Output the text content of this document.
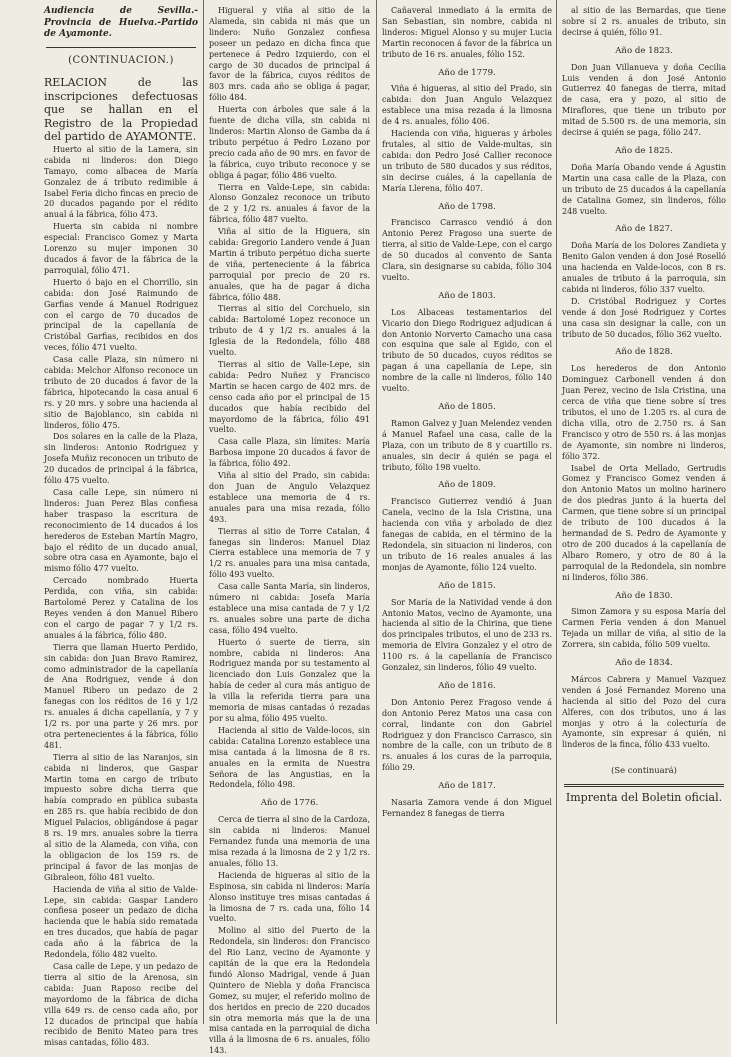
Audiencia de Sevilla.-Provincia de Huelva.-Partido de Ayamonte.

(CONTINUACION.)

RELACION de las inscripciones defectuosas que se hallan en el Registro de la Propiedad del partido de AYAMONTE.

Huerto al sitio de la Lamera, sin cabida ni linderos: don Diego Tamayo, como albacea de María Gonzalez de á tributo redimible á Isabel Feria dicho fincas en precio de 20 ducados pagando por el rédito anual á la fábrica, fólio 473.

Huerta sin cabida ni nombre especial: Francisco Gomez y Marta Lorenzo su mujer imponen 30 ducados á favor de la fábrica de la parroquial, fólio 471.

Huerto ó bajo en el Chorrillo, sin cabida: don José Raimundo de Garfias vende á Manuel Rodriguez con el cargo de 70 ducados de principal de la capellanía de Cristóbal Garfias, recibidos en dos veces, fólio 471 vuelto.

Casa calle Plaza, sin número ni cabida: Melchor Alfonso reconoce un tributo de 20 ducados á favor de la fábrica, hipotecando la casa anual 6 rs. y 20 mrs. y sobre una hacienda al sitio de Bajoblanco, sin cabida ni linderos, fólio 475.

Dos solares en la calle de la Plaza, sin linderos: Antonio Rodriguez y Josefa Muñiz reconocen un tributo de 20 ducados de principal á la fábrica, fólio 475 vuelto.

Casa calle Lepe, sin número ni linderos: Juan Perez Blas confiesa haber traspaso la escritura de reconocimiento de 14 ducados á los herederos de Esteban Martín Magro, bajo el rédito de un ducado anual, sobre otra casa en Ayamonte, bajo el mismo fólio 477 vuelto.

Cercado nombrado Huerta Perdida, con viña, sin cabida: Bartolomé Perez y Catalina de los Reyes venden á don Manuel Ribero con el cargo de pagar 7 y 1/2 rs. anuales á la fábrica, fólio 480.

Tierra que llaman Huerto Perdido, sin cabida: don Juan Bravo Ramirez, como administrador de la capellanía de Ana Rodriguez, vende á don Manuel Ribero un pedazo de 2 fanegas con los réditos de 16 y 1/2 rs. anuales á dicha capellanía, y 7 y 1/2 rs. por una parte y 26 mrs. por otra pertenecientes á la fábrica, fólio 481.

Tierra al sitio de las Naranjos, sin cabida ni linderos, que Gaspar Martin toma en cargo de tributo impuesto sobre dicha tierra que había comprado en pública subasta en 285 rs. que había recibido de don Miguel Palacios, obligándose á pagar 8 rs. 19 mrs. anuales sobre la tierra al sitio de la Alameda, con viña, con la obligacion de los 159 rs. de principal á favor de las monjas de Gibraleon, fólio 481 vuelto.

Hacienda de viña al sitio de Valde-Lepe, sin cabida: Gaspar Landero confiesa poseer un pedazo de dicha hacienda que le había sido rematada en tres ducados, que había de pagar cada año á la fábrica de la Redondela, fólio 482 vuelto.

Casa calle de Lepe, y un pedazo de tierra al sitio de la Arenosa, sin cabida: Juan Raposo recibe del mayordomo de la fábrica de dicha villa 649 rs. de censo cada año, por 12 ducados de principal que había recibido de Benito Mateo para tres misas cantadas, fólio 483.

Higueral y viña al sitio de la Alameda, sin cabida ni más que un lindero: Nuño Gonzalez confiesa poseer un pedazo en dicha finca que pertenece á Pedro Izquierdo, con el cargo de 30 ducados de principal á favor de la fábrica, cuyos réditos de 803 mrs. cada año se obliga á pagar, fólio 484.

Huerta con árboles que sale á la fuente de dicha villa, sin cabida ni linderos: Martin Alonso de Gamba da á tributo perpétuo á Pedro Lozano por precio cada año de 90 mrs. en favor de la fábrica, cuyo tributo reconoce y se obliga á pagar, fólio 486 vuelto.

Tierra en Valde-Lepe, sin cabida: Alonso Gonzalez reconoce un tributo de 2 y 1/2 rs. anuales á favor de la fábrica, fólio 487 vuelto.

Viña al sitio de la Higuera, sin cabida: Gregorio Landero vende á Juan Martin á tributo perpétuo dicha suerte de viña, perteneciente á la fábrica parroquial por precio de 20 rs. anuales, que ha de pagar á dicha fábrica, fólio 488.

Tierras al sitio del Corchuelo, sin cabida: Bartolomé Lopez reconoce un tributo de 4 y 1/2 rs. anuales á la Iglesia de la Redondela, fólio 488 vuelto.

Tierras al sitio de Valle-Lepe, sin cabida: Pedro Nuñez y Francisco Martin se hacen cargo de 402 mrs. de censo cada año por el principal de 15 ducados que había recibido del mayordomo de la fábrica, fólio 491 vuelto.

Casa calle Plaza, sin límites: María Barbosa impone 20 ducados á favor de la fábrica, fólio 492.

Viña al sitio del Prado, sin cabida: don Juan de Angulo Velazquez establece una memoria de 4 rs. anuales para una misa rezada, fólio 493.

Tierras al sitio de Torre Catalan, 4 fanegas sin linderos: Manuel Diaz Cierra establece una memoria de 7 y 1/2 rs. anuales para una misa cantada, fólio 493 vuelto.

Casa calle Santa María, sin linderos, número ni cabida: Josefa María establece una misa cantada de 7 y 1/2 rs. anuales sobre una parte de dicha casa, fólio 494 vuelto.

Huerto ó suerte de tierra, sin nombre, cabida ni linderos: Ana Rodriguez manda por su testamento al licenciado don Luis Gonzalez que la había de ceder al cura más antiguo de la villa la referida tierra para una memoria de misas cantadas ó rezadas por su alma, fólio 495 vuelto.

Hacienda al sitio de Valde-locos, sin cabida: Catalina Lorenzo establece una misa cantada á la limosna de 8 rs. anuales en la ermita de Nuestra Señora de las Angustias, en la Redondela, fólio 498.

Año de 1776.

Cerca de tierra al sino de la Cardoza, sin cabida ni linderos: Manuel Fernandez funda una memoria de una misa rezada á la limosna de 2 y 1/2 rs. anuales, fólio 13.

Hacienda de higueras al sitio de la Espinosa, sin cabida ni linderos: María Alonso instituye tres misas cantadas á la limosna de 7 rs. cada una, fólio 14 vuelto.

Molino al sitio del Puerto de la Redondela, sin linderos: don Francisco del Rio Lanz, vecino de Ayamonte y capitán de la que era la Redondela fundó Alonso Madrigal, vende á Juan Quintero de Niebla y doña Francisca Gomez, su mujer, el referido molino de dos heridos en precio de 220 ducados sin otra memoria más que la de una misa cantada en la parroquial de dicha villa á la limosna de 6 rs. anuales, fólio 143.

Cañaveral inmediato á la ermita de San Sebastian, sin nombre, cabida ni linderos: Miguel Alonso y su mujer Lucia Martin reconocen á favor de la fábrica un tributo de 16 rs. anuales, fólio 152.

Año de 1779.

Viña é higueras, al sitio del Prado, sin cabida: don Juan Angulo Velazquez establece una misa rezada á la limosna de 4 rs. anuales, fólio 406.

Hacienda con viña, higueras y árboles frutales, al sitio de Valde-multas, sin cabida: don Pedro José Callier reconoce un tributo de 580 ducados y sus réditos, sin decirse cuáles, á la capellanía de María Llerena, fólio 407.

Año de 1798.

Francisco Carrasco vendió á don Antonio Perez Fragoso una suerte de tierra, al sitio de Valde-Lepe, con el cargo de 50 ducados al convento de Santa Clara, sin designarse su cabida, fólio 304 vuelto.

Año de 1803.

Los Albaceas testamentarios del Vicario don Diego Rodriguez adjudican á don Antonio Norverto Camacho una casa con esquina que sale al Egido, con el tributo de 50 ducados, cuyos réditos se pagan á una capellanía de Lepe, sin nombre de la calle ni linderos, fólio 140 vuelto.

Año de 1805.

Ramon Galvez y Juan Melendez venden á Manuel Rafael una casa, calle de la Plaza, con un tributo de 8 y cuartillo rs. anuales, sin decir á quién se paga el tributo, fólio 198 vuelto.

Año de 1809.

Francisco Gutierrez vendió á Juan Canela, vecino de la Isla Cristina, una hacienda con viña y arbolado de diez fanegas de cabida, en el término de la Redondela, sin situacion ni linderos, con un tributo de 16 reales anuales á las monjas de Ayamonte, fólio 124 vuelto.

Año de 1815.

Sor María de la Natividad vende á don Antonio Matos, vecino de Ayamonte, una hacienda al sitio de la Chirina, que tiene dos principales tributos, el uno de 233 rs. memoria de Elvira Gonzalez y el otro de 1100 rs. á la capellanía de Francisco Gonzalez, sin linderos, fólio 49 vuelto.

Año de 1816.

Don Antonio Perez Fragoso vende á don Antonio Perez Matos una casa con corral, lindante con don Gabriel Rodriguez y don Francisco Carrasco, sin nombre de la calle, con un tributo de 8 rs. anuales á los curas de la parroquia, fólio 29.

Año de 1817.

Nasaria Zamora vende á don Miguel Fernandez 8 fanegas de tierra

al sitio de las Bernardas, que tiene sobre sí 2 rs. anuales de tributo, sin decirse á quién, fólio 91.

Año de 1823.

Don Juan Villanueva y doña Cecilia Luis venden á don José Antonio Gutierrez 40 fanegas de tierra, mitad de casa, era y pozo, al sitio de Miraflores, que tiene un tributo por mitad de 5.500 rs. de una memoria, sin decirse á quién se paga, fólio 247.

Año de 1825.

Doña María Obando vende á Agustin Martin una casa calle de la Plaza, con un tributo de 25 ducados á la capellanía de Catalina Gomez, sin linderos, fólio 248 vuelto.

Año de 1827.

Doña María de los Dolores Zandieta y Benito Galon venden á don José Roselló una hacienda en Valde-locos, con 8 rs. anuales de tributo á la parroquia, sin cabida ni linderos, fólio 337 vuelto.

D. Cristóbal Rodriguez y Cortes vende á don José Rodriguez y Cortes una casa sin designar la calle, con un tributo de 50 ducados, fólio 362 vuelto.

Año de 1828.

Los herederos de don Antonio Dominguez Carbonell venden á don Juan Perez, vecino de Isla Cristina, una cerca de viña que tiene sobre sí tres tributos, el uno de 1.205 rs. al cura de dicha villa, otro de 2.750 rs. á San Francisco y otro de 550 rs. á las monjas de Ayamonte, sin nombre ni linderos, fólio 372.

Isabel de Orta Mellado, Gertrudis Gomez y Francisco Gomez venden á don Antonio Matos un molino harinero de dos piedras junto á la huerta del Carmen, que tiene sobre sí un principal de tributo de 100 ducados á la hermandad de S. Pedro de Ayamonte y otro de 200 ducados á la capellanía de Albaro Romero, y otro de 80 á la parroquial de la Redondela, sin nombre ni linderos, fólio 386.

Año de 1830.

Simon Zamora y su esposa María del Carmen Feria venden á don Manuel Tejada un millar de viña, al sitio de la Zorrera, sin cabida, fólio 509 vuelto.

Año de 1834.

Márcos Cabrera y Manuel Vazquez venden á José Fernandez Moreno una hacienda al sitio del Pozo del cura Alferes, con dos tributos, uno á las monjas y otro á la colecturía de Ayamonte, sin expresar á quién, ni linderos de la finca, fólio 433 vuelto.

(Se continuará)

Imprenta del Boletin oficial.
